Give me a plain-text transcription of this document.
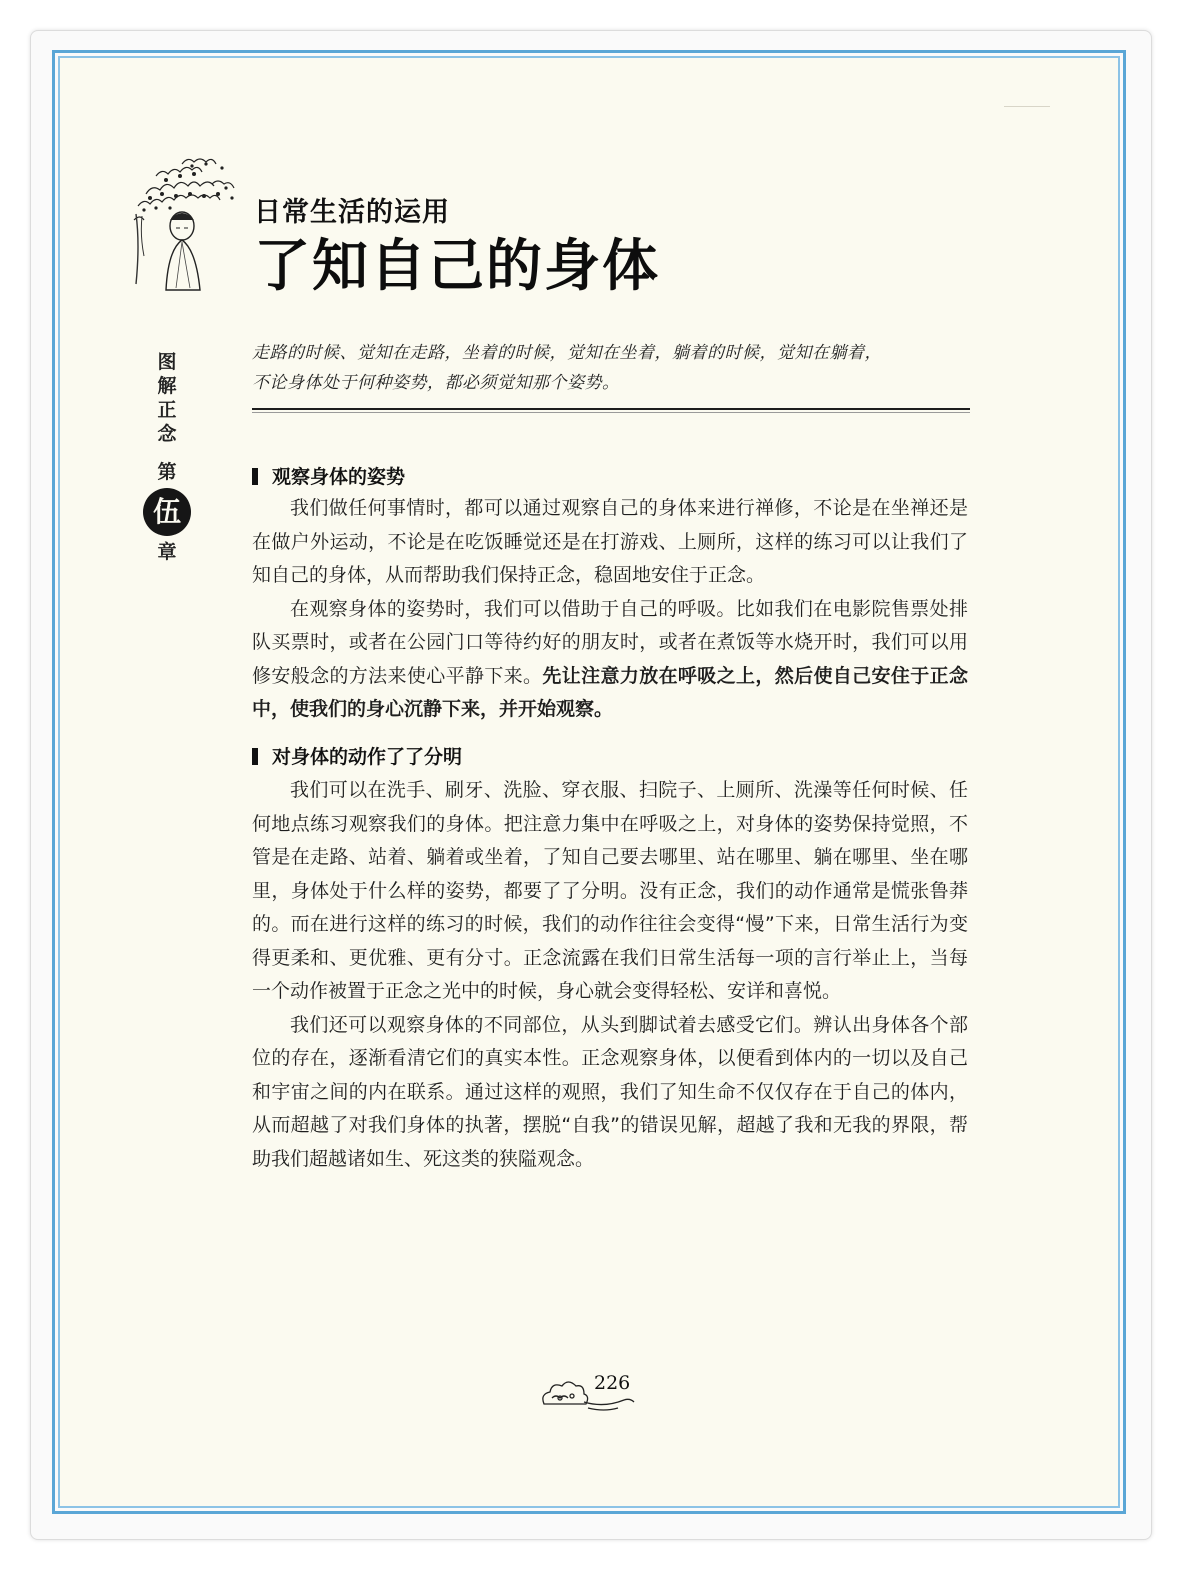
日常生活的运用
了知自己的身体
图
解
正
念
第
伍
章
走路的时候、觉知在走路，坐着的时候，觉知在坐着，躺着的时候，觉知在躺着，
不论身体处于何种姿势，都必须觉知那个姿势。
观察身体的姿势

我们做任何事情时，都可以通过观察自己的身体来进行禅修，不论是在坐禅还是在做户外运动，不论是在吃饭睡觉还是在打游戏、上厕所，这样的练习可以让我们了知自己的身体，从而帮助我们保持正念，稳固地安住于正念。

在观察身体的姿势时，我们可以借助于自己的呼吸。比如我们在电影院售票处排队买票时，或者在公园门口等待约好的朋友时，或者在煮饭等水烧开时，我们可以用修安般念的方法来使心平静下来。先让注意力放在呼吸之上，然后使自己安住于正念中，使我们的身心沉静下来，并开始观察。

对身体的动作了了分明

我们可以在洗手、刷牙、洗脸、穿衣服、扫院子、上厕所、洗澡等任何时候、任何地点练习观察我们的身体。把注意力集中在呼吸之上，对身体的姿势保持觉照，不管是在走路、站着、躺着或坐着，了知自己要去哪里、站在哪里、躺在哪里、坐在哪里，身体处于什么样的姿势，都要了了分明。没有正念，我们的动作通常是慌张鲁莽的。而在进行这样的练习的时候，我们的动作往往会变得“慢”下来，日常生活行为变得更柔和、更优雅、更有分寸。正念流露在我们日常生活每一项的言行举止上，当每一个动作被置于正念之光中的时候，身心就会变得轻松、安详和喜悦。

我们还可以观察身体的不同部位，从头到脚试着去感受它们。辨认出身体各个部位的存在，逐渐看清它们的真实本性。正念观察身体，以便看到体内的一切以及自己和宇宙之间的内在联系。通过这样的观照，我们了知生命不仅仅存在于自己的体内，从而超越了对我们身体的执著，摆脱“自我”的错误见解，超越了我和无我的界限，帮助我们超越诸如生、死这类的狭隘观念。

226
